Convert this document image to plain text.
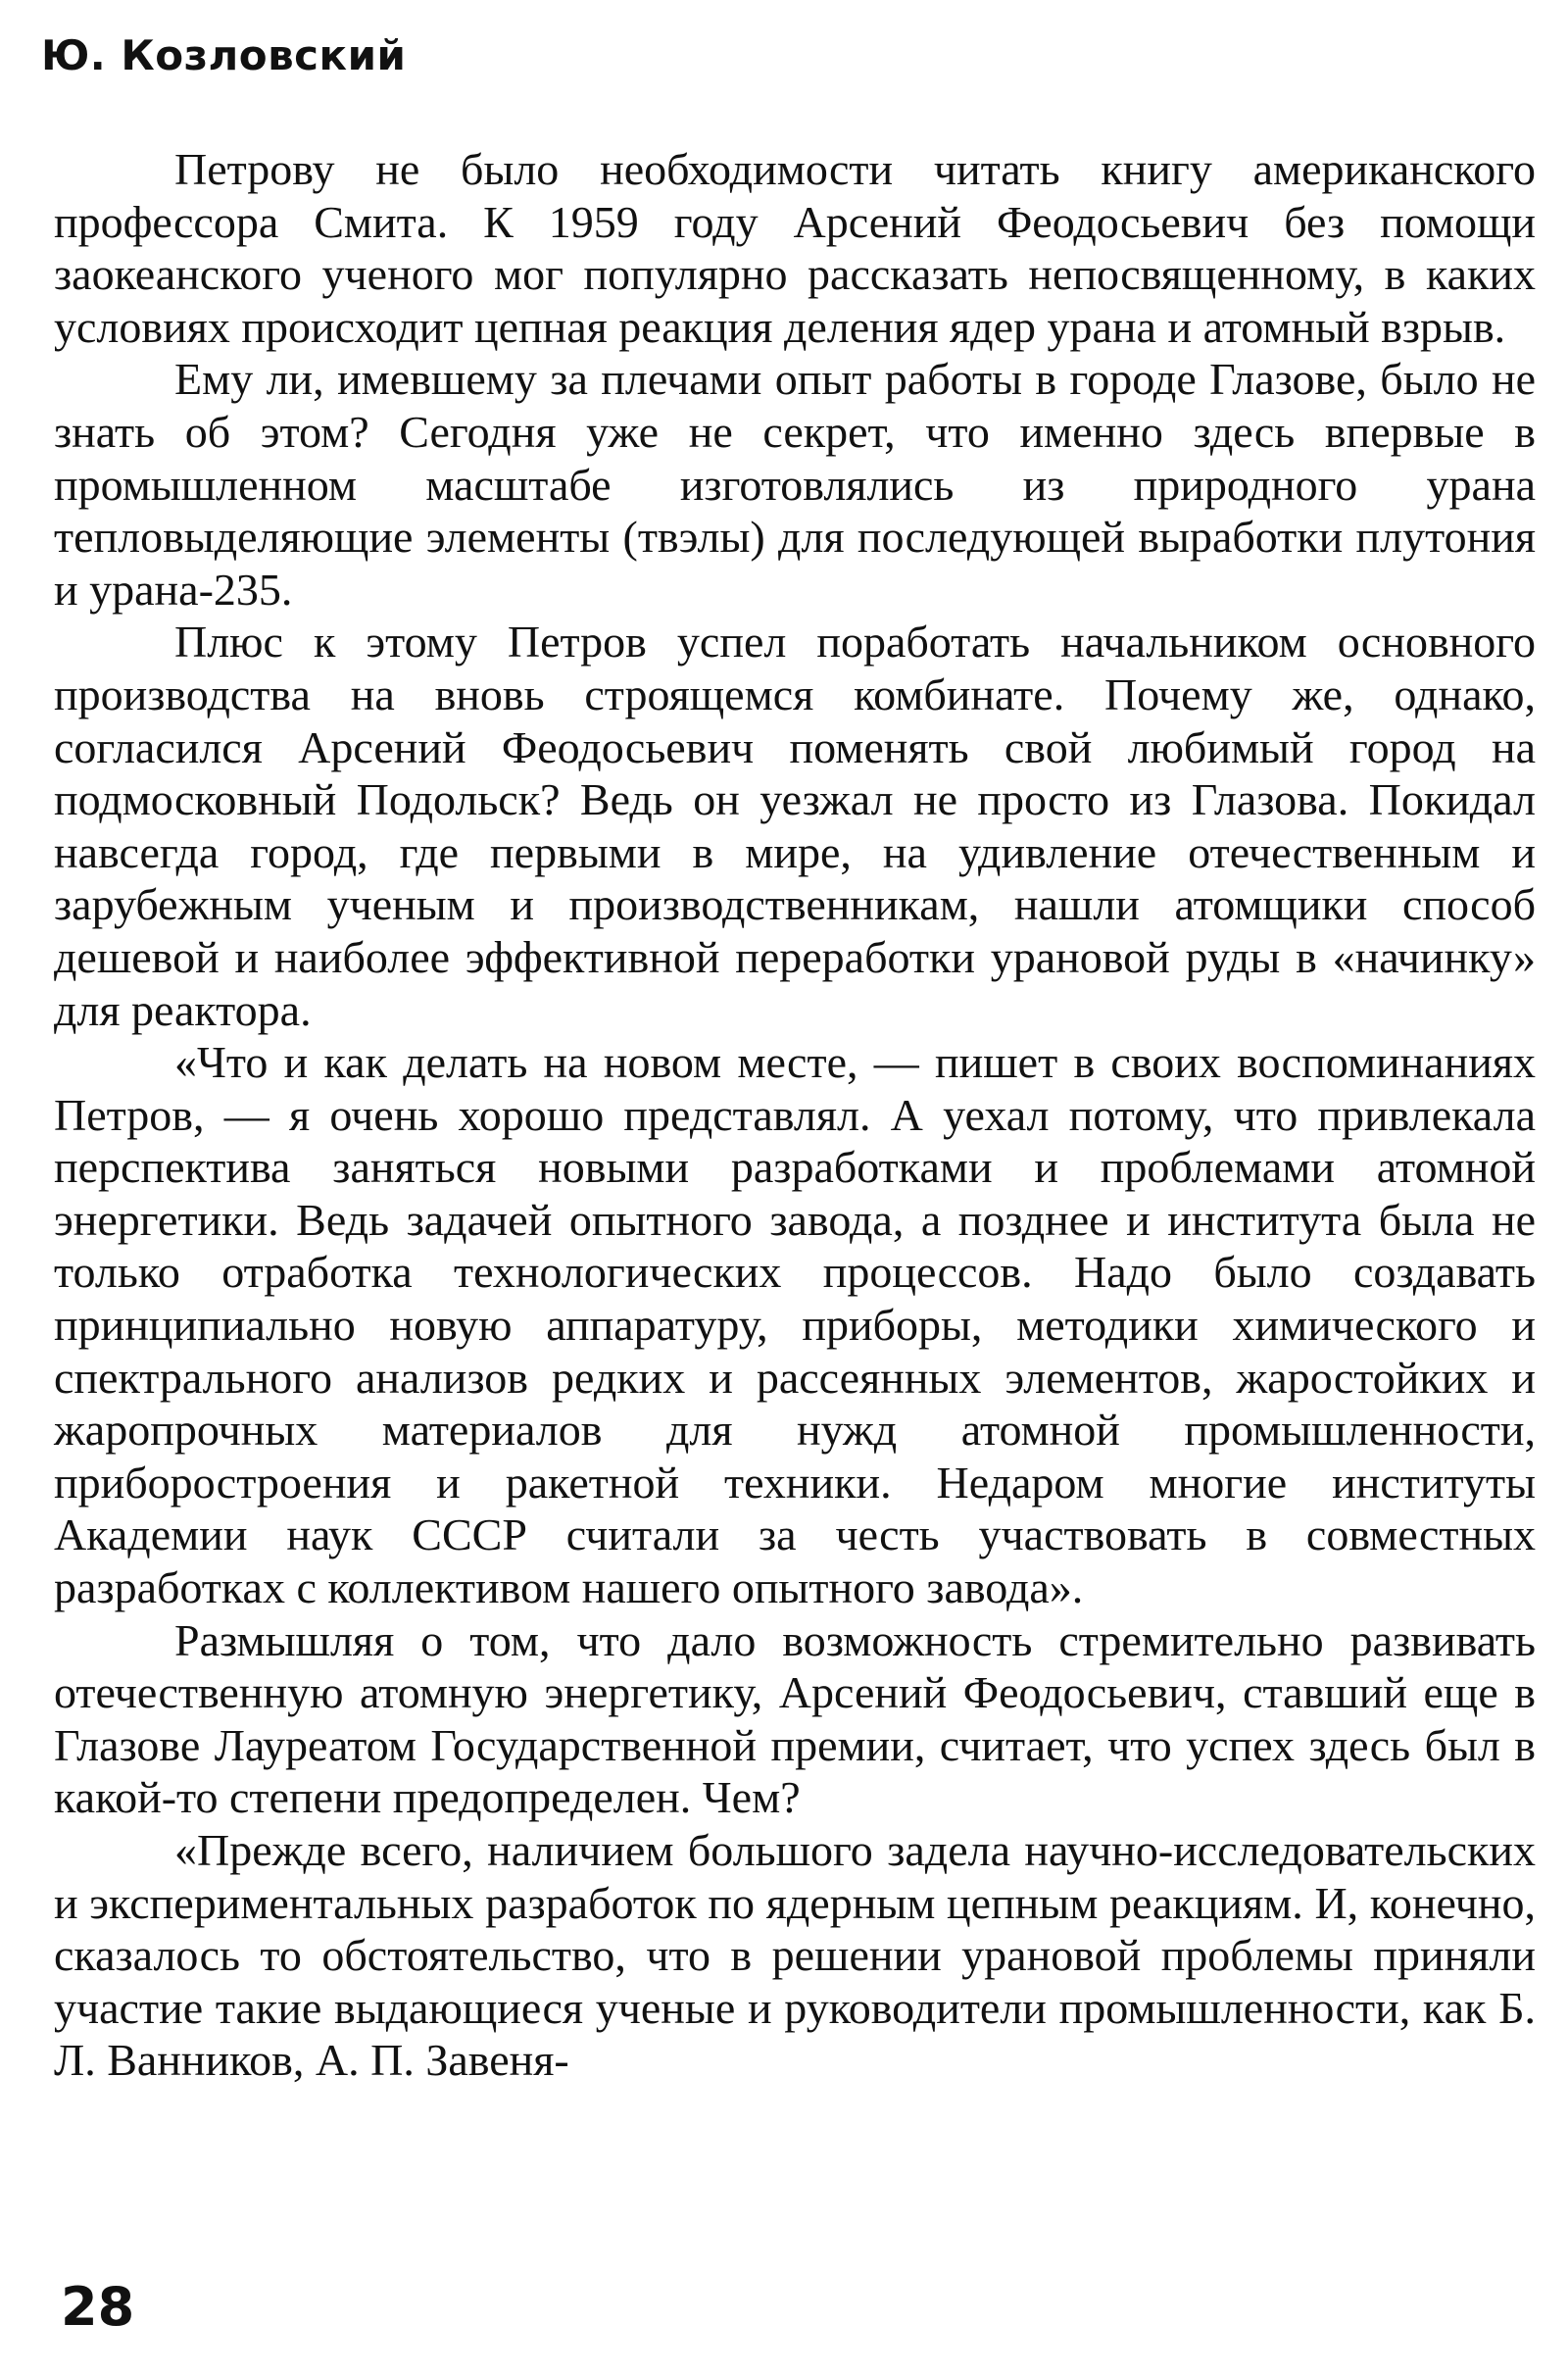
Ю. Козловский

Петрову не было необходимости читать книгу американского профессора Смита. К 1959 году Арсений Феодосьевич без помощи заокеанского ученого мог популярно рассказать непосвященному, в каких условиях происходит цепная реакция деления ядер урана и атомный взрыв.

Ему ли, имевшему за плечами опыт работы в городе Глазове, было не знать об этом? Сегодня уже не секрет, что именно здесь впервые в промышленном масштабе изготовлялись из природного урана тепловыделяющие элементы (твэлы) для последующей выработки плутония и урана-235.

Плюс к этому Петров успел поработать начальником основного производства на вновь строящемся комбинате. Почему же, однако, согласился Арсений Феодосьевич поменять свой любимый город на подмосковный Подольск? Ведь он уезжал не просто из Глазова. Покидал навсегда город, где первыми в мире, на удивление отечественным и зарубежным ученым и производственникам, нашли атомщики способ дешевой и наиболее эффективной переработки урановой руды в «начинку» для реактора.

«Что и как делать на новом месте, — пишет в своих воспоминаниях Петров, — я очень хорошо представлял. А уехал потому, что привлекала перспектива заняться новыми разработками и проблемами атомной энергетики. Ведь задачей опытного завода, а позднее и института была не только отработка технологических процессов. Надо было создавать принципиально новую аппаратуру, приборы, методики химического и спектрального анализов редких и рассеянных элементов, жаростойких и жаропрочных материалов для нужд атомной промышленности, приборостроения и ракетной техники. Недаром многие институты Академии наук СССР считали за честь участвовать в совместных разработках с коллективом нашего опытного завода».

Размышляя о том, что дало возможность стремительно развивать отечественную атомную энергетику, Арсений Феодосьевич, ставший еще в Глазове Лауреатом Государственной премии, считает, что успех здесь был в какой-то степени предопределен. Чем?

«Прежде всего, наличием большого задела научно-исследовательских и экспериментальных разработок по ядерным цепным реакциям. И, конечно, сказалось то обстоятельство, что в решении урановой проблемы приняли участие такие выдающиеся ученые и руководители промышленности, как Б. Л. Ванников, А. П. Завеня-

28
